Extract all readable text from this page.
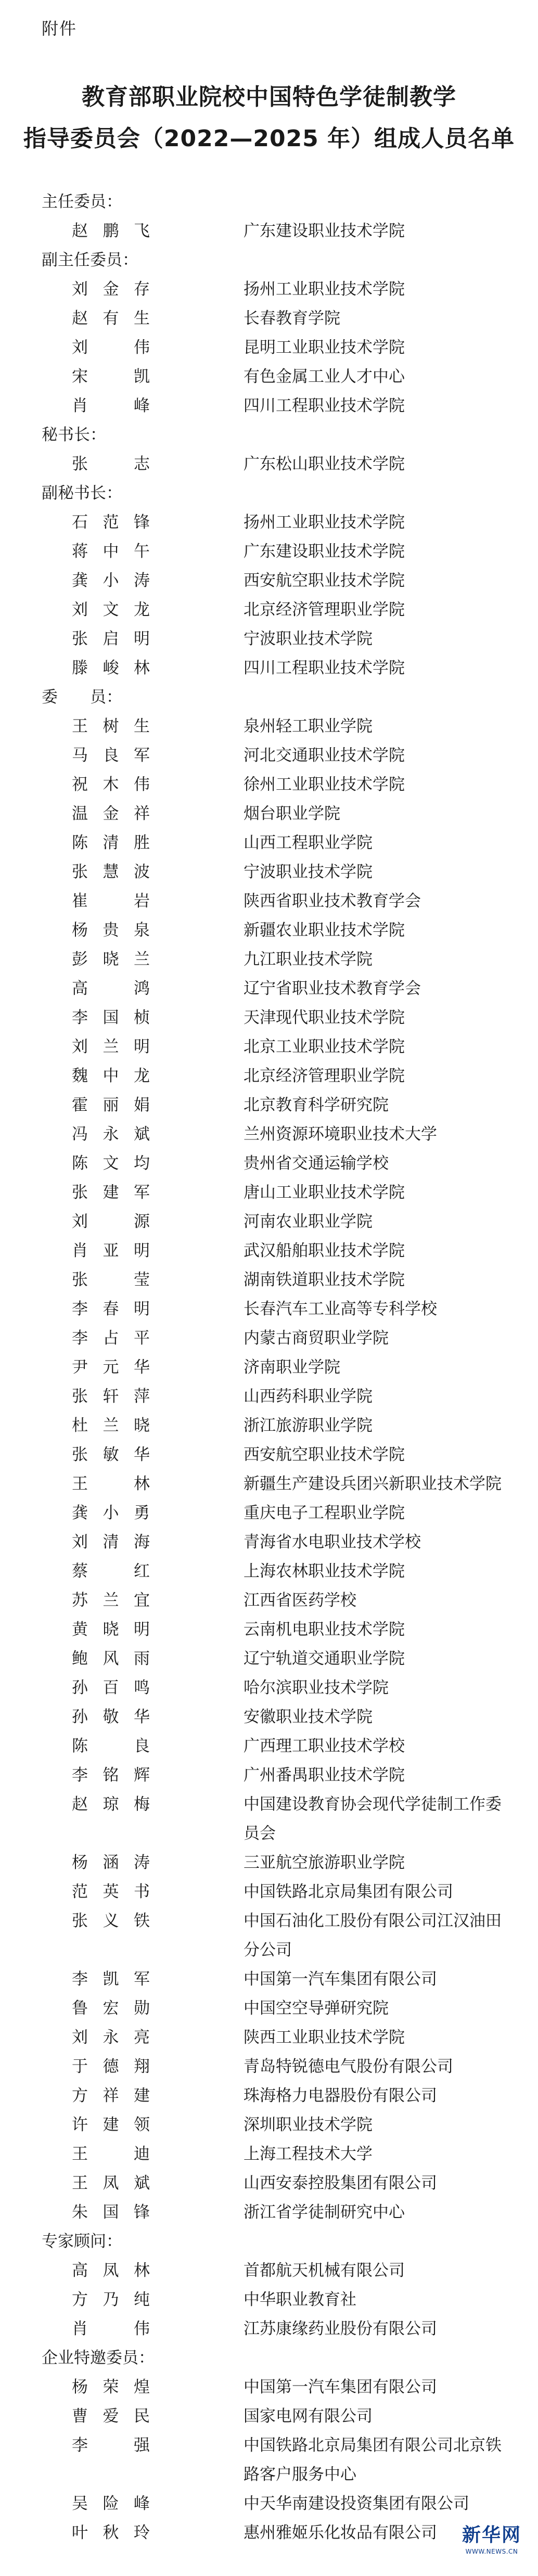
附件
教育部职业院校中国特色学徒制教学
指导委员会（2022—2025 年）组成人员名单
主任委员：
赵鹏飞	广东建设职业技术学院
副主任委员：
刘金存	扬州工业职业技术学院
赵有生	长春教育学院
刘　　伟	昆明工业职业技术学院
宋　　凯	有色金属工业人才中心
肖　　峰	四川工程职业技术学院
秘书长：
张　　志	广东松山职业技术学院
副秘书长：
石范锋	扬州工业职业技术学院
蒋中午	广东建设职业技术学院
龚小涛	西安航空职业技术学院
刘文龙	北京经济管理职业学院
张启明	宁波职业技术学院
滕峻林	四川工程职业技术学院
委　　员：
王树生	泉州轻工职业学院
马良军	河北交通职业技术学院
祝木伟	徐州工业职业技术学院
温金祥	烟台职业学院
陈清胜	山西工程职业学院
张慧波	宁波职业技术学院
崔　　岩	陕西省职业技术教育学会
杨贵泉	新疆农业职业技术学院
彭晓兰	九江职业技术学院
高　　鸿	辽宁省职业技术教育学会
李国桢	天津现代职业技术学院
刘兰明	北京工业职业技术学院
魏中龙	北京经济管理职业学院
霍丽娟	北京教育科学研究院
冯永斌	兰州资源环境职业技术大学
陈文均	贵州省交通运输学校
张建军	唐山工业职业技术学院
刘　　源	河南农业职业学院
肖亚明	武汉船舶职业技术学院
张　　莹	湖南铁道职业技术学院
李春明	长春汽车工业高等专科学校
李占平	内蒙古商贸职业学院
尹元华	济南职业学院
张轩萍	山西药科职业学院
杜兰晓	浙江旅游职业学院
张敏华	西安航空职业技术学院
王　　林	新疆生产建设兵团兴新职业技术学院
龚小勇	重庆电子工程职业学院
刘清海	青海省水电职业技术学校
蔡　　红	上海农林职业技术学院
苏兰宜	江西省医药学校
黄晓明	云南机电职业技术学院
鲍风雨	辽宁轨道交通职业学院
孙百鸣	哈尔滨职业技术学院
孙敬华	安徽职业技术学院
陈　　良	广西理工职业技术学校
李铭辉	广州番禺职业技术学院
赵琼梅	中国建设教育协会现代学徒制工作委员会
杨涵涛	三亚航空旅游职业学院
范英书	中国铁路北京局集团有限公司
张义铁	中国石油化工股份有限公司江汉油田分公司
李凯军	中国第一汽车集团有限公司
鲁宏勋	中国空空导弹研究院
刘永亮	陕西工业职业技术学院
于德翔	青岛特锐德电气股份有限公司
方祥建	珠海格力电器股份有限公司
许建领	深圳职业技术学院
王　　迪	上海工程技术大学
王凤斌	山西安泰控股集团有限公司
朱国锋	浙江省学徒制研究中心
专家顾问：
高凤林	首都航天机械有限公司
方乃纯	中华职业教育社
肖　　伟	江苏康缘药业股份有限公司
企业特邀委员：
杨荣煌	中国第一汽车集团有限公司
曹爱民	国家电网有限公司
李　　强	中国铁路北京局集团有限公司北京铁路客户服务中心
吴险峰	中天华南建设投资集团有限公司
叶秋玲	惠州雅姬乐化妆品有限公司	新华网
WWW.NEWS.CN
